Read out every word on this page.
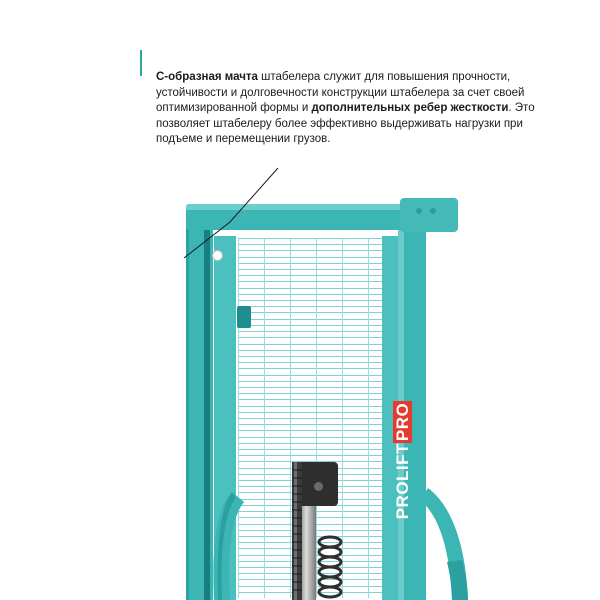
PROLIFTPRO
C-образная мачта штабелера служит для повышения прочности, устойчивости и долговечности конструкции штабелера за счет своей оптимизированной формы и дополнительных ребер жесткости. Это позволяет штабелеру более эффективно выдерживать нагрузки при подъеме и перемещении грузов.
